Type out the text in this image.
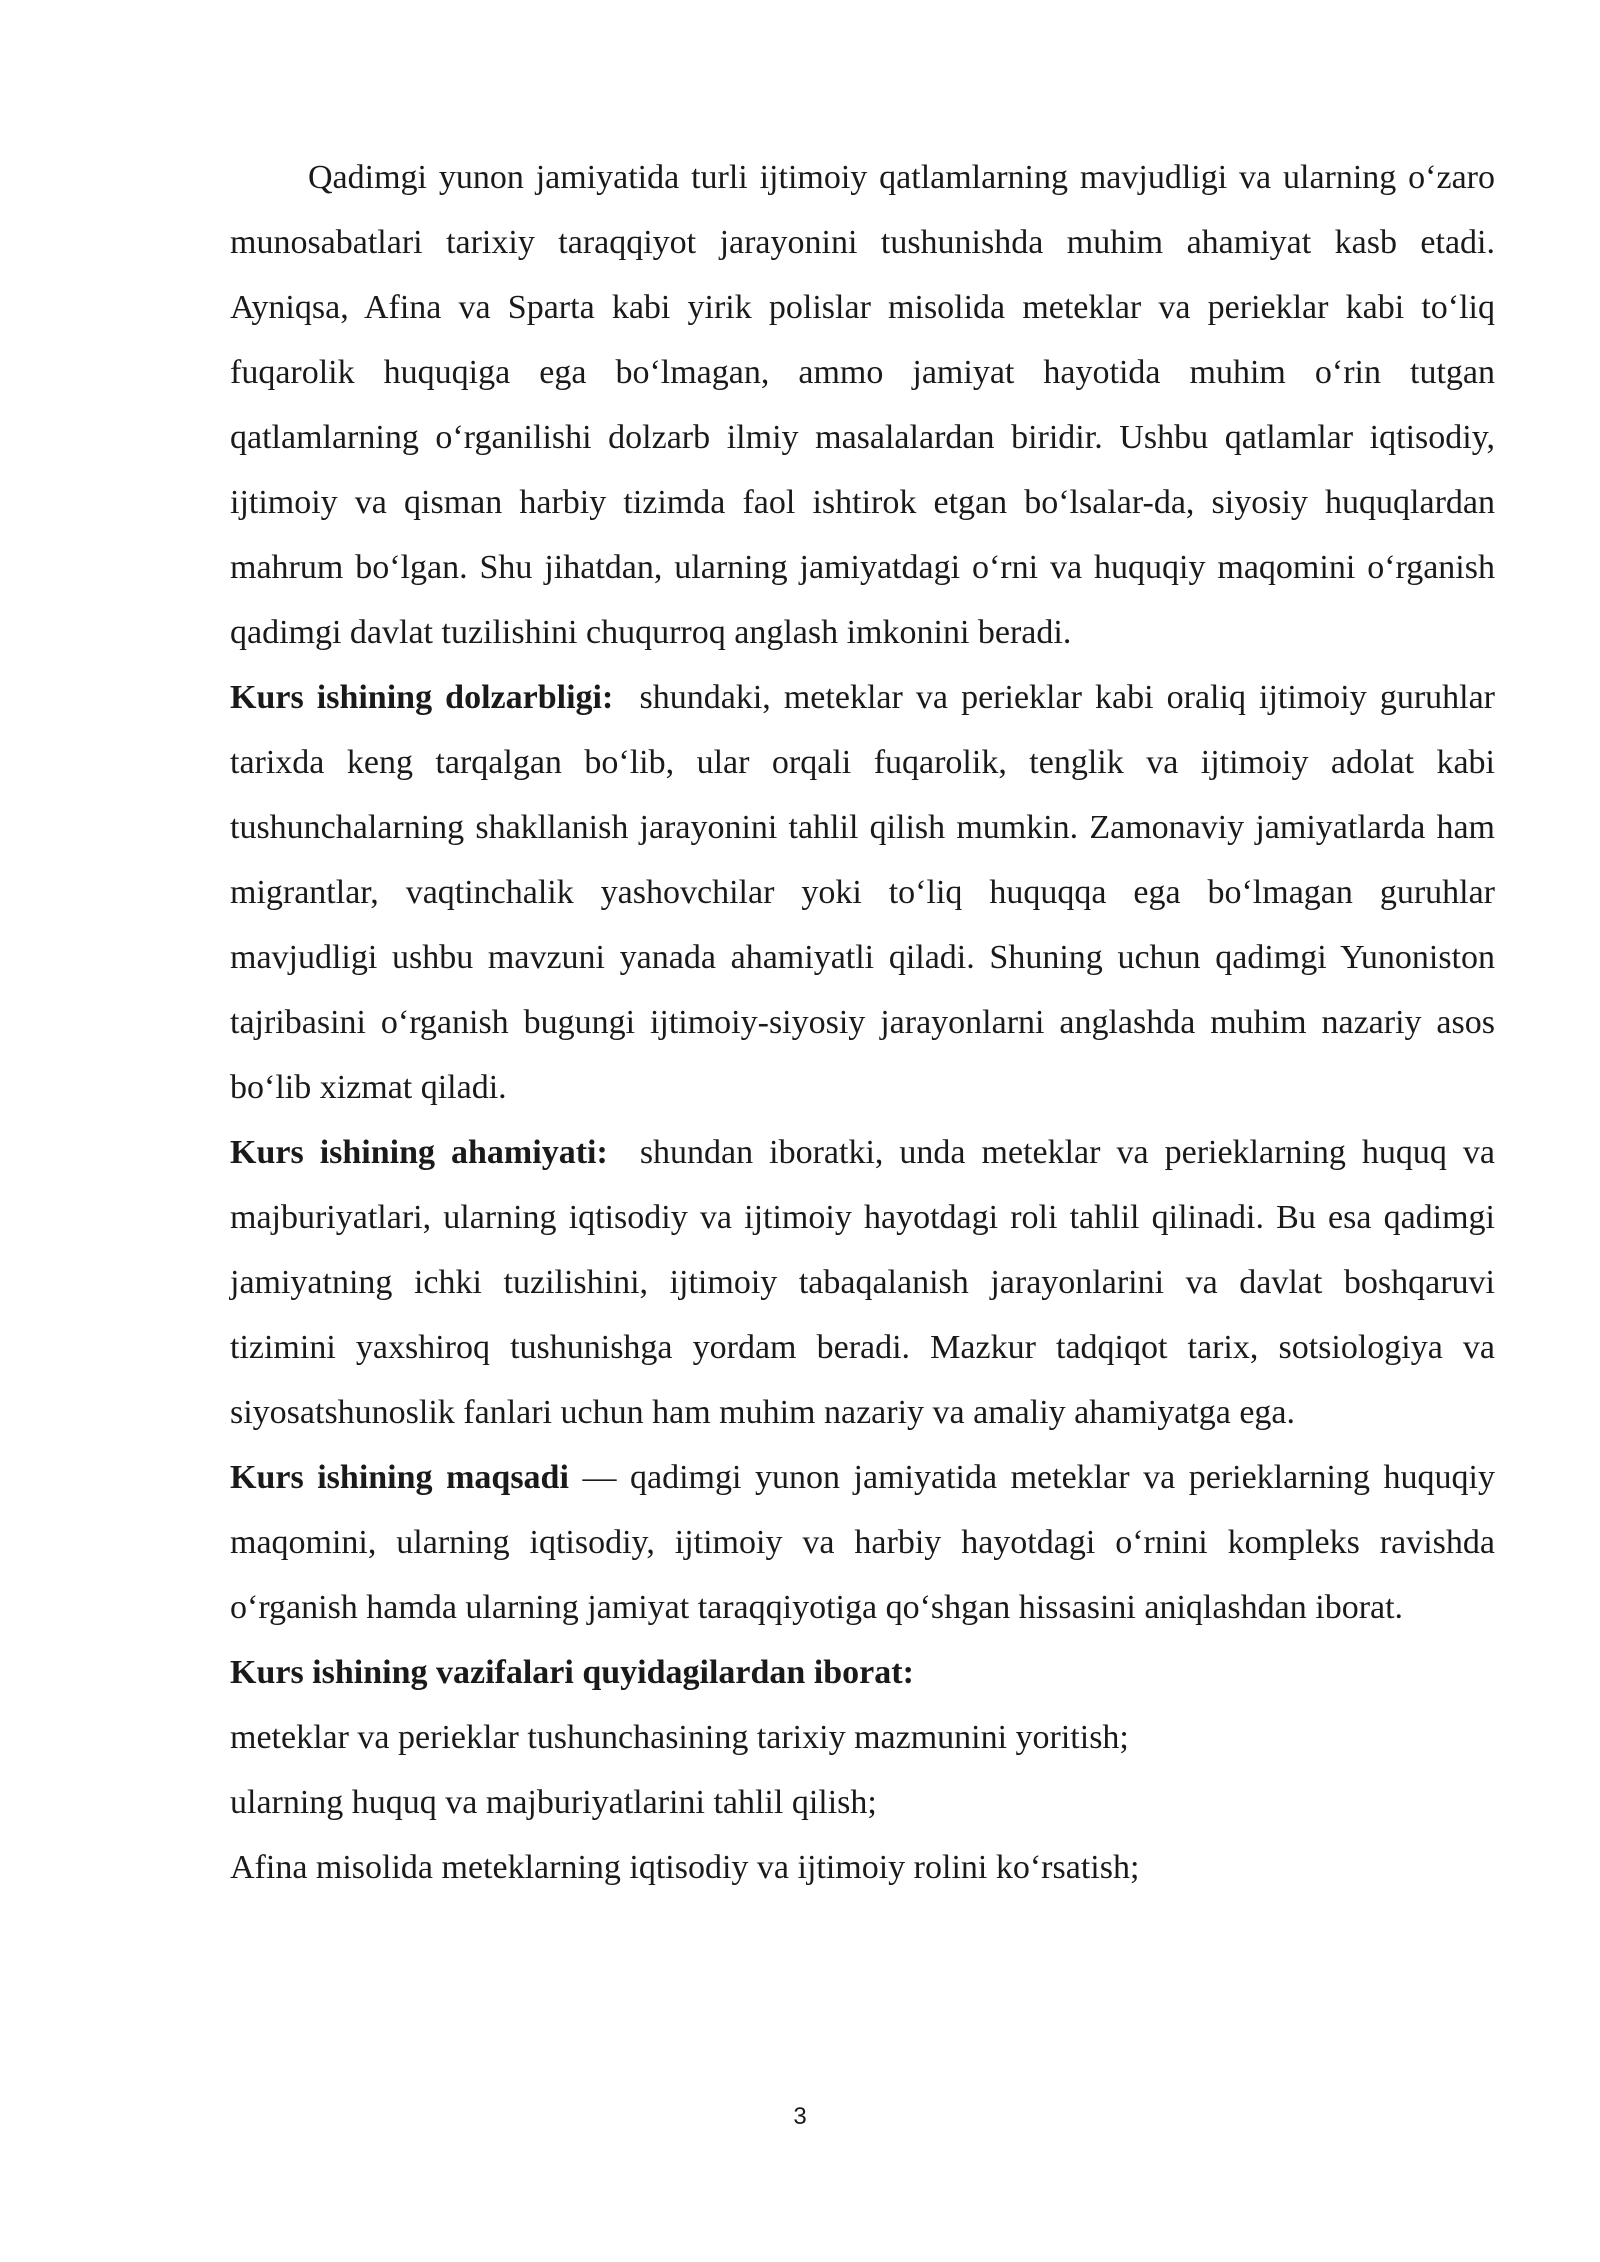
Qadimgi yunon jamiyatida turli ijtimoiy qatlamlarning mavjudligi va ularning oʻzaro munosabatlari tarixiy taraqqiyot jarayonini tushunishda muhim ahamiyat kasb etadi. Ayniqsa, Afina va Sparta kabi yirik polislar misolida meteklar va perieklar kabi toʻliq fuqarolik huquqiga ega boʻlmagan, ammo jamiyat hayotida muhim oʻrin tutgan qatlamlarning oʻrganilishi dolzarb ilmiy masalalardan biridir. Ushbu qatlamlar iqtisodiy, ijtimoiy va qisman harbiy tizimda faol ishtirok etgan boʻlsalar-da, siyosiy huquqlardan mahrum boʻlgan. Shu jihatdan, ularning jamiyatdagi oʻrni va huquqiy maqomini oʻrganish qadimgi davlat tuzilishini chuqurroq anglash imkonini beradi.

Kurs ishining dolzarbligi:  shundaki, meteklar va perieklar kabi oraliq ijtimoiy guruhlar tarixda keng tarqalgan boʻlib, ular orqali fuqarolik, tenglik va ijtimoiy adolat kabi tushunchalarning shakllanish jarayonini tahlil qilish mumkin. Zamonaviy jamiyatlarda ham migrantlar, vaqtinchalik yashovchilar yoki toʻliq huquqqa ega boʻlmagan guruhlar mavjudligi ushbu mavzuni yanada ahamiyatli qiladi. Shuning uchun qadimgi Yunoniston tajribasini oʻrganish bugungi ijtimoiy-siyosiy jarayonlarni anglashda muhim nazariy asos boʻlib xizmat qiladi.

Kurs ishining ahamiyati:  shundan iboratki, unda meteklar va perieklarning huquq va majburiyatlari, ularning iqtisodiy va ijtimoiy hayotdagi roli tahlil qilinadi. Bu esa qadimgi jamiyatning ichki tuzilishini, ijtimoiy tabaqalanish jarayonlarini va davlat boshqaruvi tizimini yaxshiroq tushunishga yordam beradi. Mazkur tadqiqot tarix, sotsiologiya va siyosatshunoslik fanlari uchun ham muhim nazariy va amaliy ahamiyatga ega.

Kurs ishining maqsadi — qadimgi yunon jamiyatida meteklar va perieklarning huquqiy maqomini, ularning iqtisodiy, ijtimoiy va harbiy hayotdagi oʻrnini kompleks ravishda oʻrganish hamda ularning jamiyat taraqqiyotiga qoʻshgan hissasini aniqlashdan iborat.

Kurs ishining vazifalari quyidagilardan iborat:

meteklar va perieklar tushunchasining tarixiy mazmunini yoritish;

ularning huquq va majburiyatlarini tahlil qilish;

Afina misolida meteklarning iqtisodiy va ijtimoiy rolini koʻrsatish;

3
